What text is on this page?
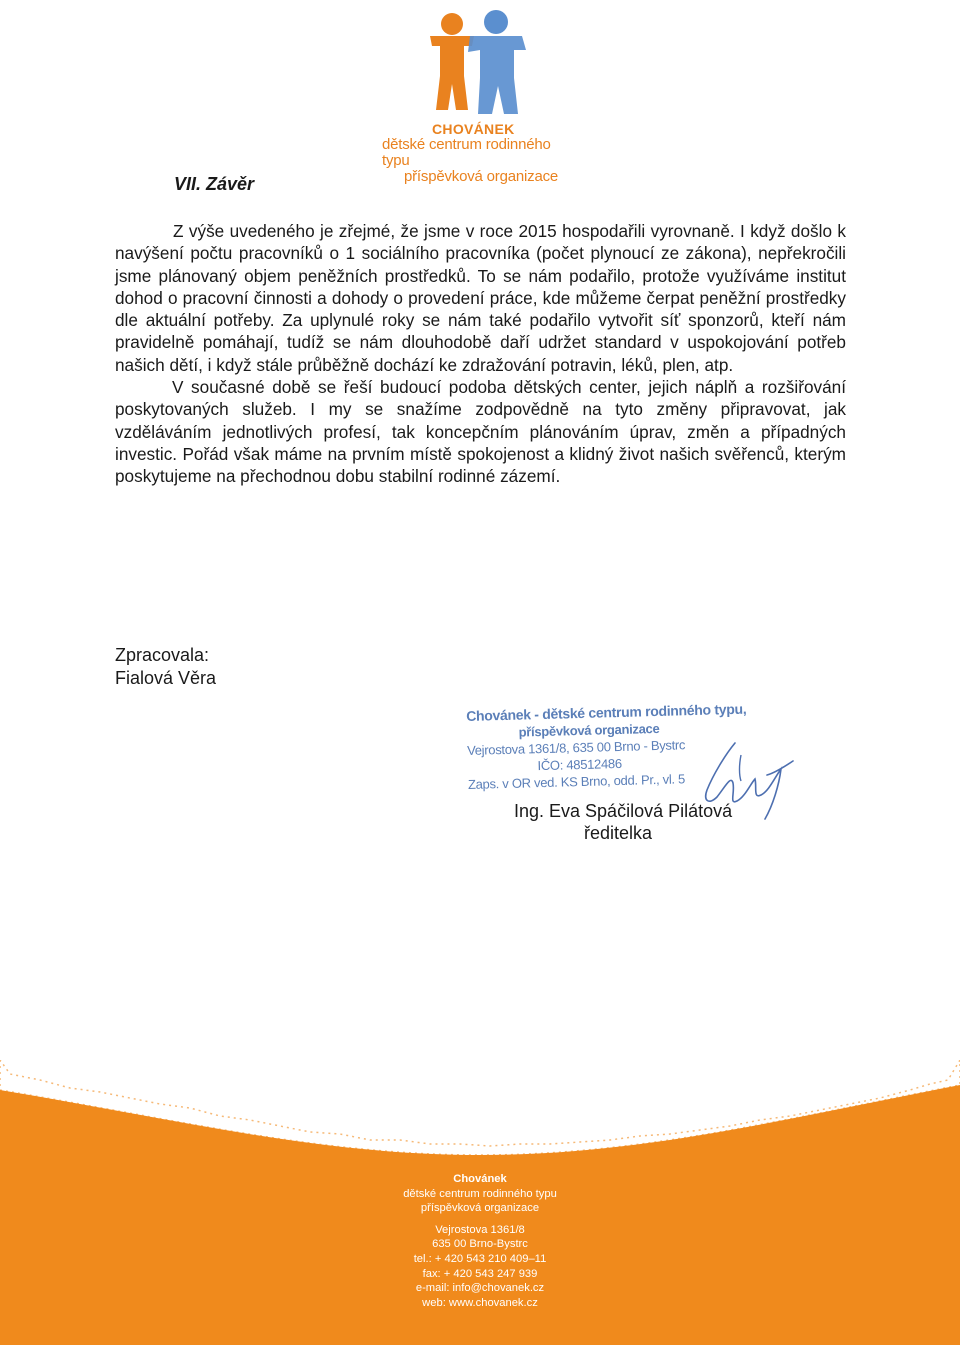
CHOVÁNEK
dětské centrum rodinného typu
příspěvková organizace
VII. Závěr

Z výše uvedeného je zřejmé, že jsme v roce 2015 hospodařili vyrovnaně. I když došlo k navýšení počtu pracovníků o 1 sociálního pracovníka (počet plynoucí ze zákona), nepřekročili jsme plánovaný objem peněžních prostředků. To se nám podařilo, protože využíváme institut dohod o pracovní činnosti a dohody o provedení práce, kde můžeme čerpat peněžní prostředky dle aktuální potřeby. Za uplynulé roky se nám také podařilo vytvořit síť sponzorů, kteří nám pravidelně pomáhají, tudíž se nám dlouhodobě daří udržet standard v uspokojování potřeb našich dětí, i když stále průběžně dochází ke zdražování potravin, léků, plen, atp.

V současné době se řeší budoucí podoba dětských center, jejich náplň a rozšiřování poskytovaných služeb. I my se snažíme zodpovědně na tyto změny připravovat, jak vzděláváním jednotlivých profesí, tak koncepčním plánováním úprav, změn a případných investic. Pořád však máme na prvním místě spokojenost a klidný život našich svěřenců, kterým poskytujeme na přechodnou dobu stabilní rodinné zázemí.

Zpracovala:
Fialová Věra
Chovánek - dětské centrum rodinného typu,
příspěvková organizace
Vejrostova 1361/8, 635 00 Brno - Bystrc
IČO: 48512486
Zaps. v OR ved. KS Brno, odd. Pr., vl. 5
Ing. Eva Spáčilová Pilátová
ředitelka
Chovánek
dětské centrum rodinného typu
příspěvková organizace
Vejrostova 1361/8
635 00 Brno-Bystrc
tel.: + 420 543 210 409–11
fax: + 420 543 247 939
e-mail: info@chovanek.cz
web: www.chovanek.cz
